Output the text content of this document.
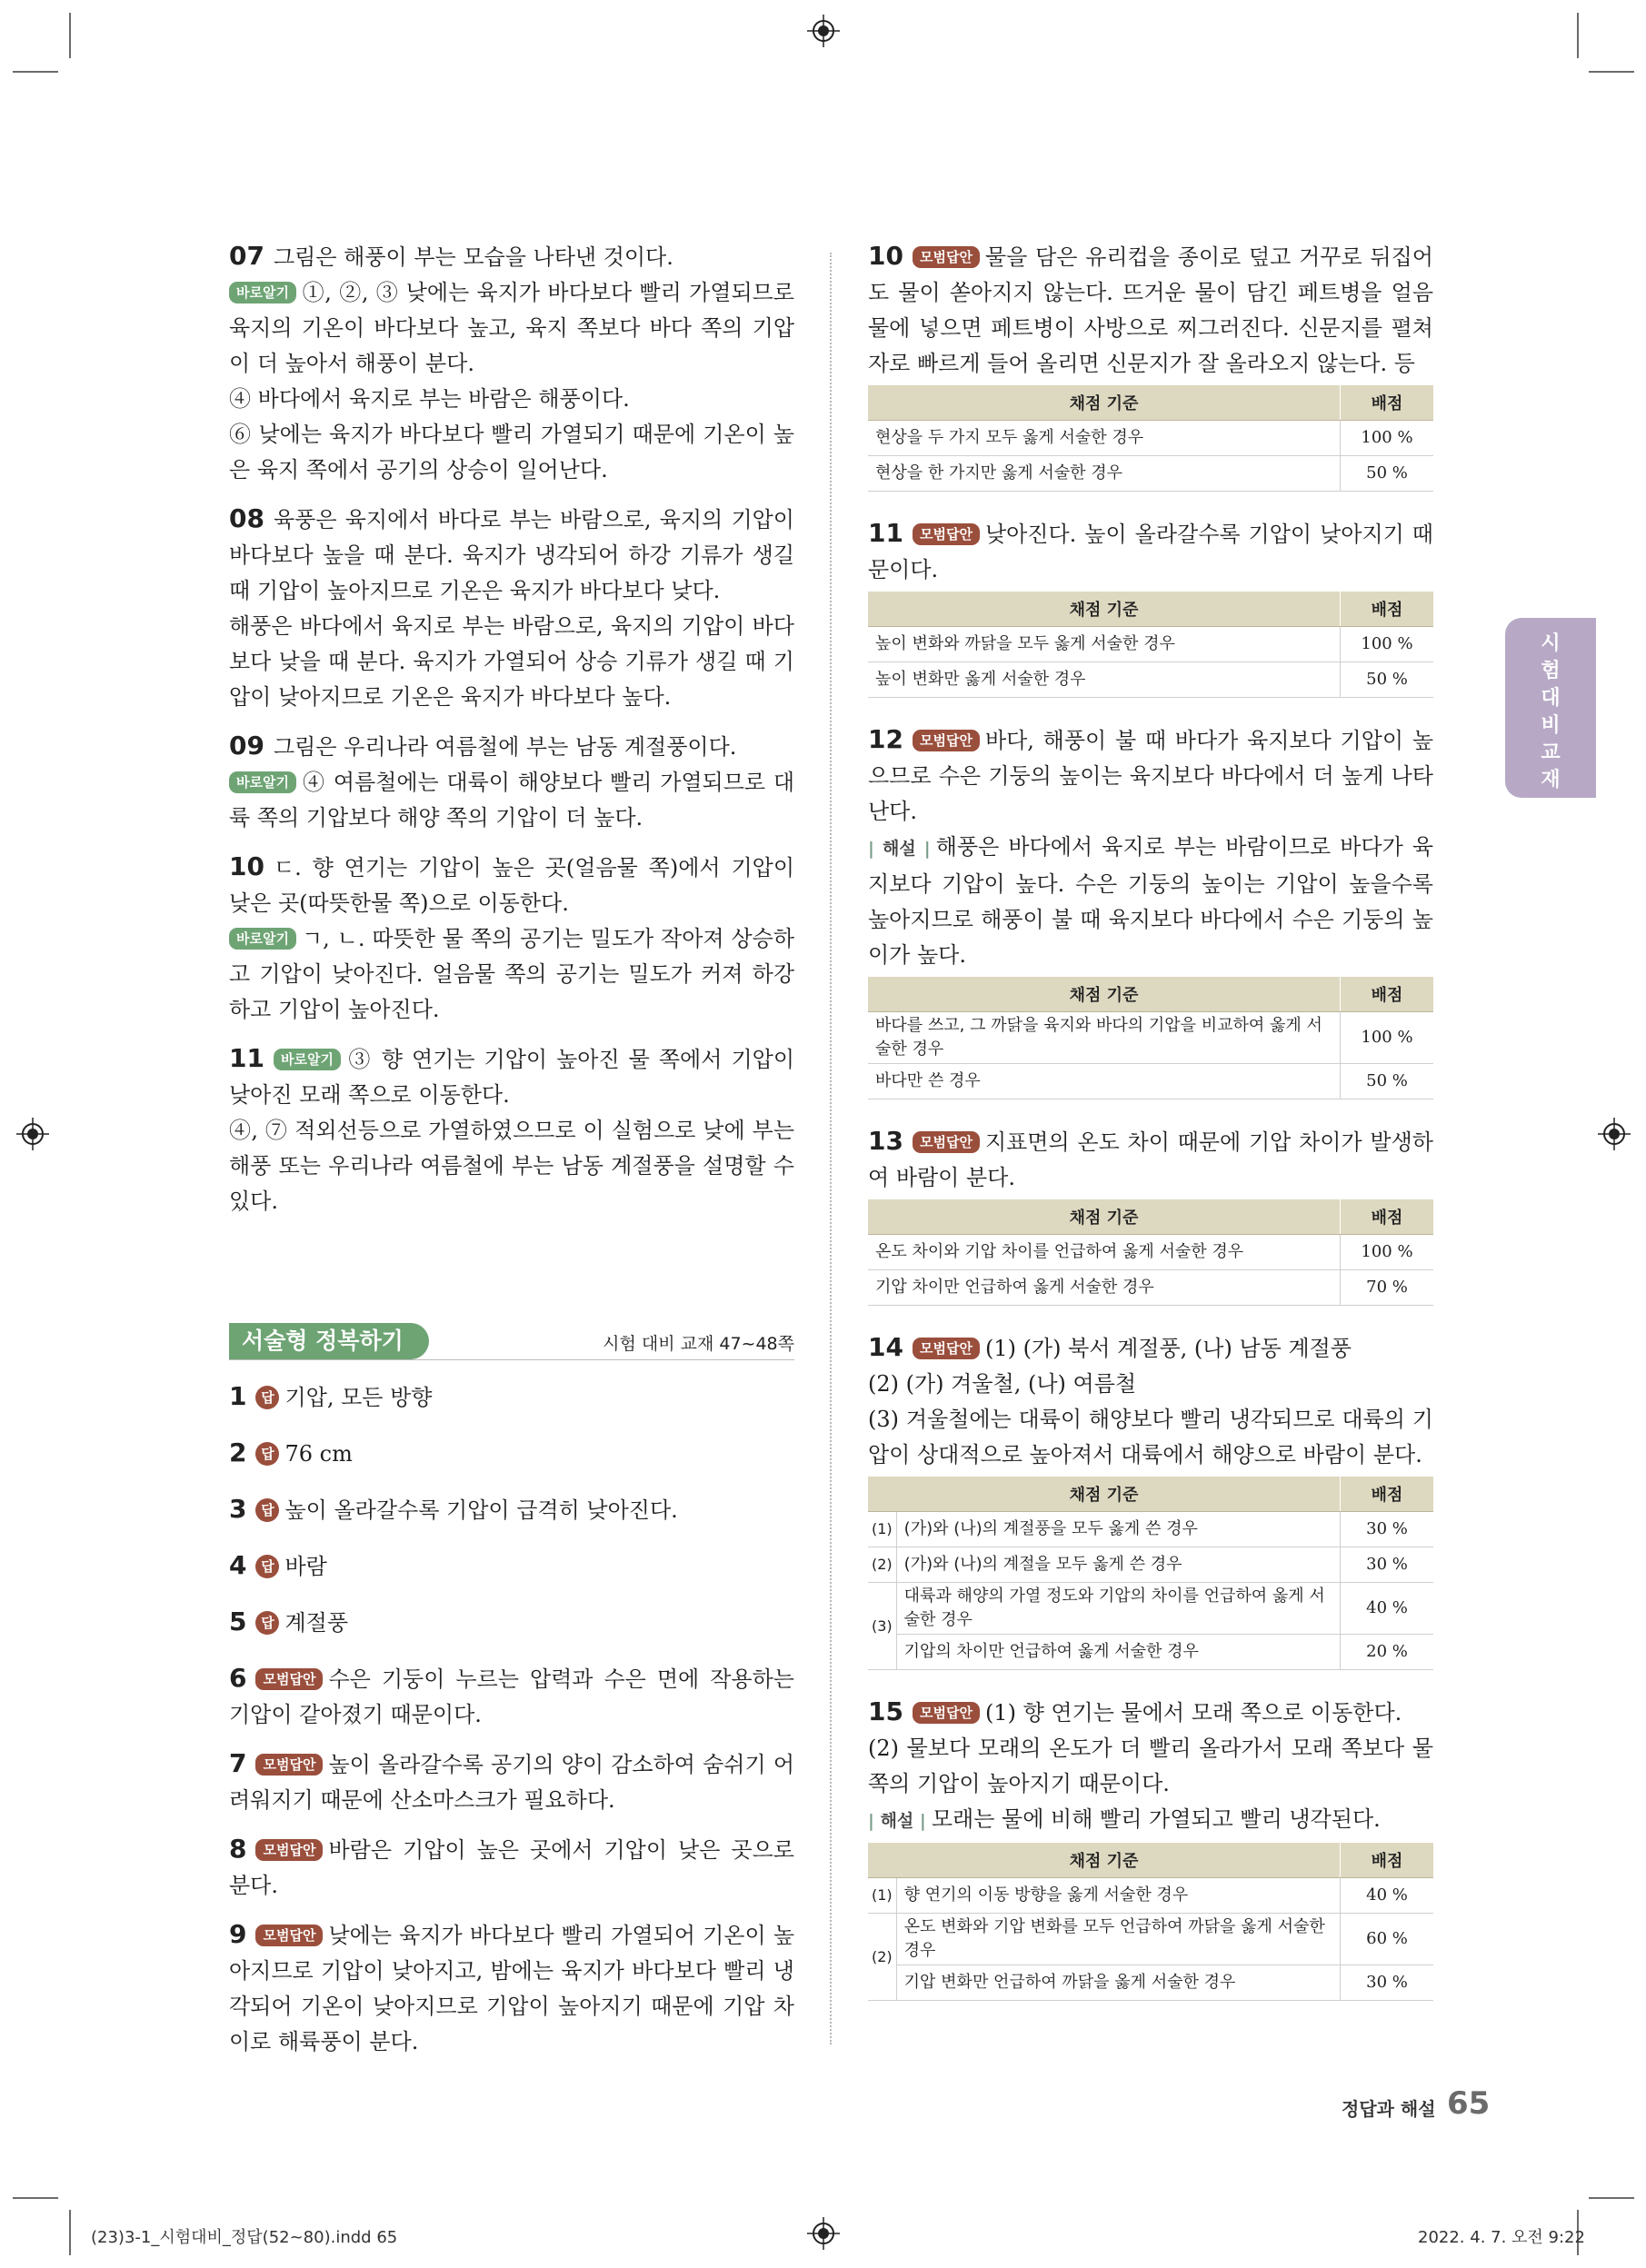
07 그림은 해풍이 부는 모습을 나타낸 것이다.

바로알기 ①, ②, ③ 낮에는 육지가 바다보다 빨리 가열되므로 육지의 기온이 바다보다 높고, 육지 쪽보다 바다 쪽의 기압이 더 높아서 해풍이 분다.

④ 바다에서 육지로 부는 바람은 해풍이다.

⑥ 낮에는 육지가 바다보다 빨리 가열되기 때문에 기온이 높은 육지 쪽에서 공기의 상승이 일어난다.

08 육풍은 육지에서 바다로 부는 바람으로, 육지의 기압이 바다보다 높을 때 분다. 육지가 냉각되어 하강 기류가 생길 때 기압이 높아지므로 기온은 육지가 바다보다 낮다.

해풍은 바다에서 육지로 부는 바람으로, 육지의 기압이 바다보다 낮을 때 분다. 육지가 가열되어 상승 기류가 생길 때 기압이 낮아지므로 기온은 육지가 바다보다 높다.

09 그림은 우리나라 여름철에 부는 남동 계절풍이다.

바로알기 ④ 여름철에는 대륙이 해양보다 빨리 가열되므로 대륙 쪽의 기압보다 해양 쪽의 기압이 더 높다.

10 ㄷ. 향 연기는 기압이 높은 곳(얼음물 쪽)에서 기압이 낮은 곳(따뜻한물 쪽)으로 이동한다.

바로알기 ㄱ, ㄴ. 따뜻한 물 쪽의 공기는 밀도가 작아져 상승하고 기압이 낮아진다. 얼음물 쪽의 공기는 밀도가 커져 하강하고 기압이 높아진다.

11 바로알기 ③ 향 연기는 기압이 높아진 물 쪽에서 기압이 낮아진 모래 쪽으로 이동한다.

④, ⑦ 적외선등으로 가열하였으므로 이 실험으로 낮에 부는 해풍 또는 우리나라 여름철에 부는 남동 계절풍을 설명할 수 있다.

서술형 정복하기	시험 대비 교재 47~48쪽
1 답 기압, 모든 방향
2 답 76 cm
3 답 높이 올라갈수록 기압이 급격히 낮아진다.
4 답 바람
5 답 계절풍

6 모범답안 수은 기둥이 누르는 압력과 수은 면에 작용하는 기압이 같아졌기 때문이다.

7 모범답안 높이 올라갈수록 공기의 양이 감소하여 숨쉬기 어려워지기 때문에 산소마스크가 필요하다.

8 모범답안 바람은 기압이 높은 곳에서 기압이 낮은 곳으로 분다.

9 모범답안 낮에는 육지가 바다보다 빨리 가열되어 기온이 높아지므로 기압이 낮아지고, 밤에는 육지가 바다보다 빨리 냉각되어 기온이 낮아지므로 기압이 높아지기 때문에 기압 차이로 해륙풍이 분다.

10 모범답안 물을 담은 유리컵을 종이로 덮고 거꾸로 뒤집어도 물이 쏟아지지 않는다. 뜨거운 물이 담긴 페트병을 얼음물에 넣으면 페트병이 사방으로 찌그러진다. 신문지를 펼쳐 자로 빠르게 들어 올리면 신문지가 잘 올라오지 않는다. 등

채점 기준	배점
현상을 두 가지 모두 옳게 서술한 경우	100 %
현상을 한 가지만 옳게 서술한 경우	50 %

11 모범답안 낮아진다. 높이 올라갈수록 기압이 낮아지기 때문이다.

채점 기준	배점
높이 변화와 까닭을 모두 옳게 서술한 경우	100 %
높이 변화만 옳게 서술한 경우	50 %

12 모범답안 바다, 해풍이 불 때 바다가 육지보다 기압이 높으므로 수은 기둥의 높이는 육지보다 바다에서 더 높게 나타난다.

| 해설 | 해풍은 바다에서 육지로 부는 바람이므로 바다가 육지보다 기압이 높다. 수은 기둥의 높이는 기압이 높을수록 높아지므로 해풍이 불 때 육지보다 바다에서 수은 기둥의 높이가 높다.

채점 기준	배점
바다를 쓰고, 그 까닭을 육지와 바다의 기압을 비교하여 옳게 서술한 경우	100 %
바다만 쓴 경우	50 %

13 모범답안 지표면의 온도 차이 때문에 기압 차이가 발생하여 바람이 분다.

채점 기준	배점
온도 차이와 기압 차이를 언급하여 옳게 서술한 경우	100 %
기압 차이만 언급하여 옳게 서술한 경우	70 %

14 모범답안 (1) (가) 북서 계절풍, (나) 남동 계절풍

(2) (가) 겨울철, (나) 여름철

(3) 겨울철에는 대륙이 해양보다 빨리 냉각되므로 대륙의 기압이 상대적으로 높아져서 대륙에서 해양으로 바람이 분다.

채점 기준		배점
(1)	(가)와 (나)의 계절풍을 모두 옳게 쓴 경우	30 %
(2)	(가)와 (나)의 계절을 모두 옳게 쓴 경우	30 %
(3)	대륙과 해양의 가열 정도와 기압의 차이를 언급하여 옳게 서술한 경우	40 %
	기압의 차이만 언급하여 옳게 서술한 경우	20 %

15 모범답안 (1) 향 연기는 물에서 모래 쪽으로 이동한다.

(2) 물보다 모래의 온도가 더 빨리 올라가서 모래 쪽보다 물 쪽의 기압이 높아지기 때문이다.

| 해설 | 모래는 물에 비해 빨리 가열되고 빨리 냉각된다.

채점 기준		배점
(1)	향 연기의 이동 방향을 옳게 서술한 경우	40 %
(2)	온도 변화와 기압 변화를 모두 언급하여 까닭을 옳게 서술한 경우	60 %
	기압 변화만 언급하여 까닭을 옳게 서술한 경우	30 %
시
험
대
비
교
재
정답과 해설 65
(23)3-1_시험대비_정답(52~80).indd 65	2022. 4. 7. 오전 9:22
